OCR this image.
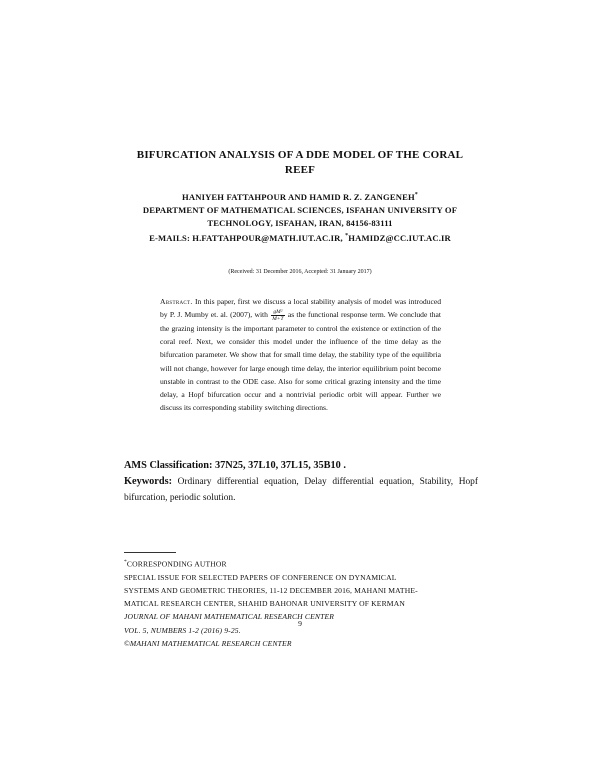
BIFURCATION ANALYSIS OF A DDE MODEL OF THE CORAL
REEF
HANIYEH FATTAHPOUR AND HAMID R. Z. ZANGENEH*
DEPARTMENT OF MATHEMATICAL SCIENCES, ISFAHAN UNIVERSITY OF
TECHNOLOGY, ISFAHAN, IRAN, 84156-83111
E-MAILS: H.FATTAHPOUR@MATH.IUT.AC.IR, *HAMIDZ@CC.IUT.AC.IR
(Received: 31 December 2016, Accepted: 31 January 2017)
Abstract. In this paper, first we discuss a local stability analysis of model was introduced by P. J. Mumby et. al. (2007), with $\frac{\text{gM²}}{M+T}$ as the functional response term. We conclude that the grazing intensity is the important parameter to control the existence or extinction of the coral reef. Next, we consider this model under the influence of the time delay as the bifurcation parameter. We show that for small time delay, the stability type of the equilibria will not change, however for large enough time delay, the interior equilibrium point become unstable in contrast to the ODE case. Also for some critical grazing intensity and the time delay, a Hopf bifurcation occur and a nontrivial periodic orbit will appear. Further we discuss its corresponding stability switching directions.
AMS Classification: 37N25, 37L10, 37L15, 35B10 .
Keywords: Ordinary differential equation, Delay differential equation, Stability, Hopf bifurcation, periodic solution.
*CORRESPONDING AUTHOR
SPECIAL ISSUE FOR SELECTED PAPERS OF CONFERENCE ON DYNAMICAL
SYSTEMS AND GEOMETRIC THEORIES, 11-12 DECEMBER 2016, MAHANI MATHE-
MATICAL RESEARCH CENTER, SHAHID BAHONAR UNIVERSITY OF KERMAN
JOURNAL OF MAHANI MATHEMATICAL RESEARCH CENTER
VOL. 5, NUMBERS 1-2 (2016) 9-25.
©MAHANI MATHEMATICAL RESEARCH CENTER
9
